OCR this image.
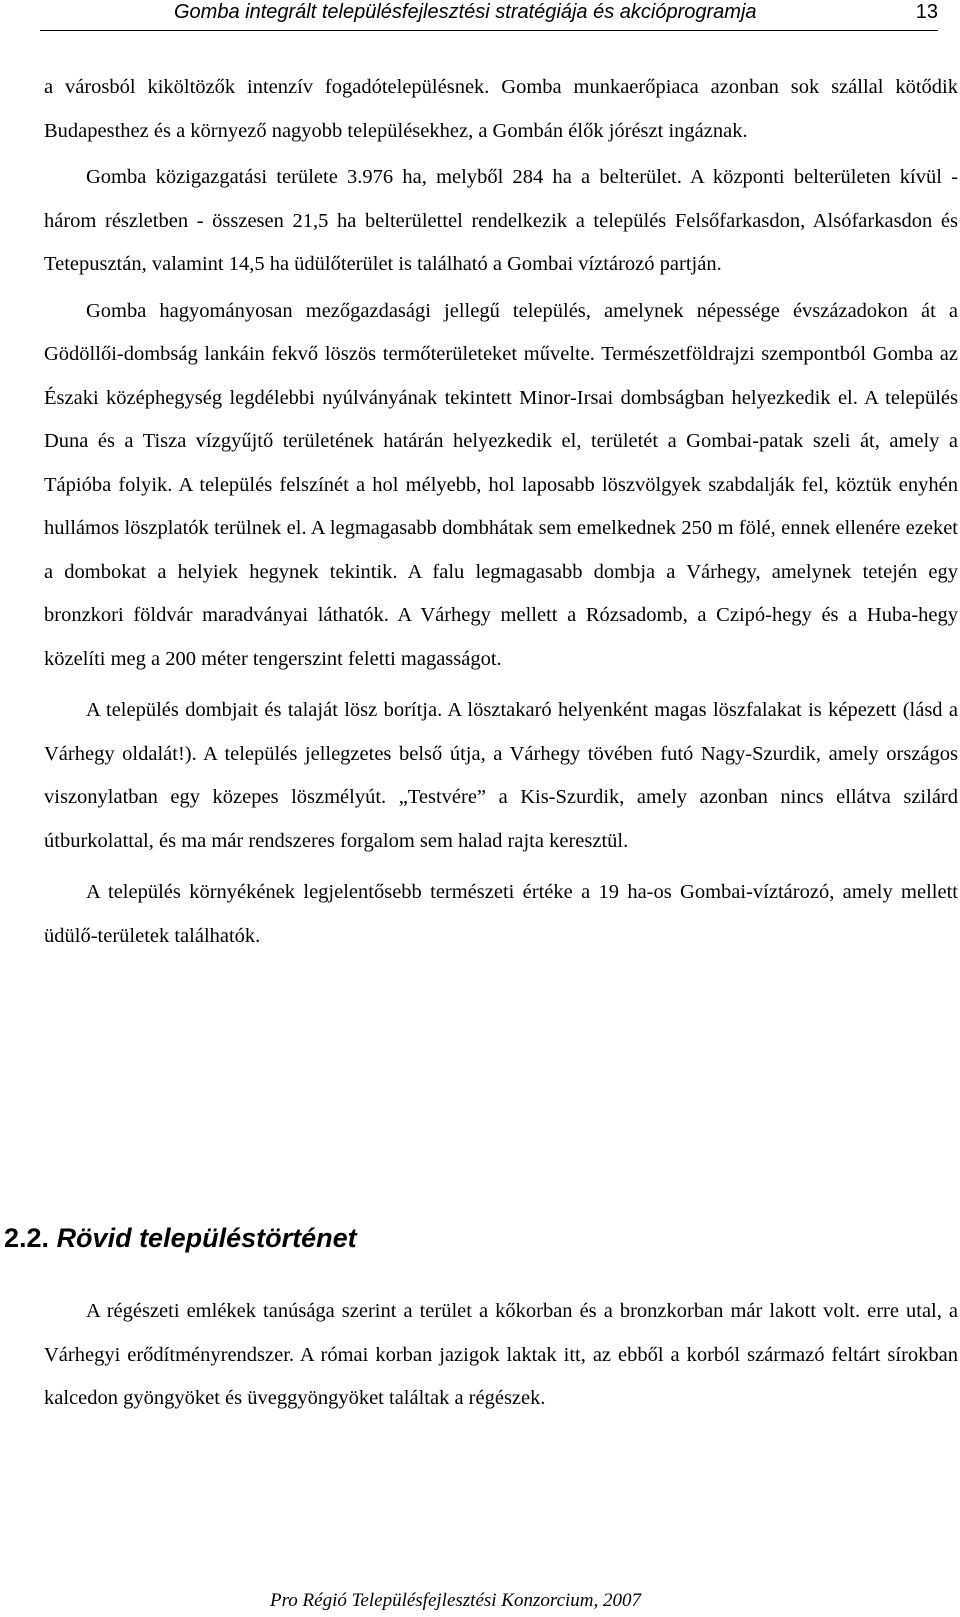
Gomba integrált településfejlesztési stratégiája és akcióprogramja	13

a városból kiköltözők intenzív fogadótelepülésnek. Gomba munkaerőpiaca azonban sok szállal kötődik Budapesthez és a környező nagyobb településekhez, a Gombán élők jórészt ingáznak.

Gomba közigazgatási területe 3.976 ha, melyből 284 ha a belterület. A központi belterületen kívül - három részletben - összesen 21,5 ha belterülettel rendelkezik a település Felsőfarkasdon, Alsófarkasdon és Tetepusztán, valamint 14,5 ha üdülőterület is található a Gombai víztározó partján.

Gomba hagyományosan mezőgazdasági jellegű település, amelynek népessége évszázadokon át a Gödöllői-dombság lankáin fekvő löszös termőterületeket művelte. Természetföldrajzi szempontból Gomba az Északi középhegység legdélebbi nyúlványának tekintett Minor-Irsai dombságban helyezkedik el. A település Duna és a Tisza vízgyűjtő területének határán helyezkedik el, területét a Gombai-patak szeli át, amely a Tápióba folyik. A település felszínét a hol mélyebb, hol laposabb löszvölgyek szabdalják fel, köztük enyhén hullámos löszplatók terülnek el. A legmagasabb dombhátak sem emelkednek 250 m fölé, ennek ellenére ezeket a dombokat a helyiek hegynek tekintik. A falu legmagasabb dombja a Várhegy, amelynek tetején egy bronzkori földvár maradványai láthatók. A Várhegy mellett a Rózsadomb, a Czipó-hegy és a Huba-hegy közelíti meg a 200 méter tengerszint feletti magasságot.

A település dombjait és talaját lösz borítja. A lösztakaró helyenként magas löszfalakat is képezett (lásd a Várhegy oldalát!). A település jellegzetes belső útja, a Várhegy tövében futó Nagy-Szurdik, amely országos viszonylatban egy közepes löszmélyút. „Testvére” a Kis-Szurdik, amely azonban nincs ellátva szilárd útburkolattal, és ma már rendszeres forgalom sem halad rajta keresztül.

A település környékének legjelentősebb természeti értéke a 19 ha-os Gombai-víztározó, amely mellett üdülő-területek találhatók.

2.2. Rövid településtörténet

A régészeti emlékek tanúsága szerint a terület a kőkorban és a bronzkorban már lakott volt. erre utal, a Várhegyi erődítményrendszer. A római korban jazigok laktak itt, az ebből a korból származó feltárt sírokban kalcedon gyöngyöket és üveggyöngyöket találtak a régészek.

Pro Régió Településfejlesztési Konzorcium, 2007
